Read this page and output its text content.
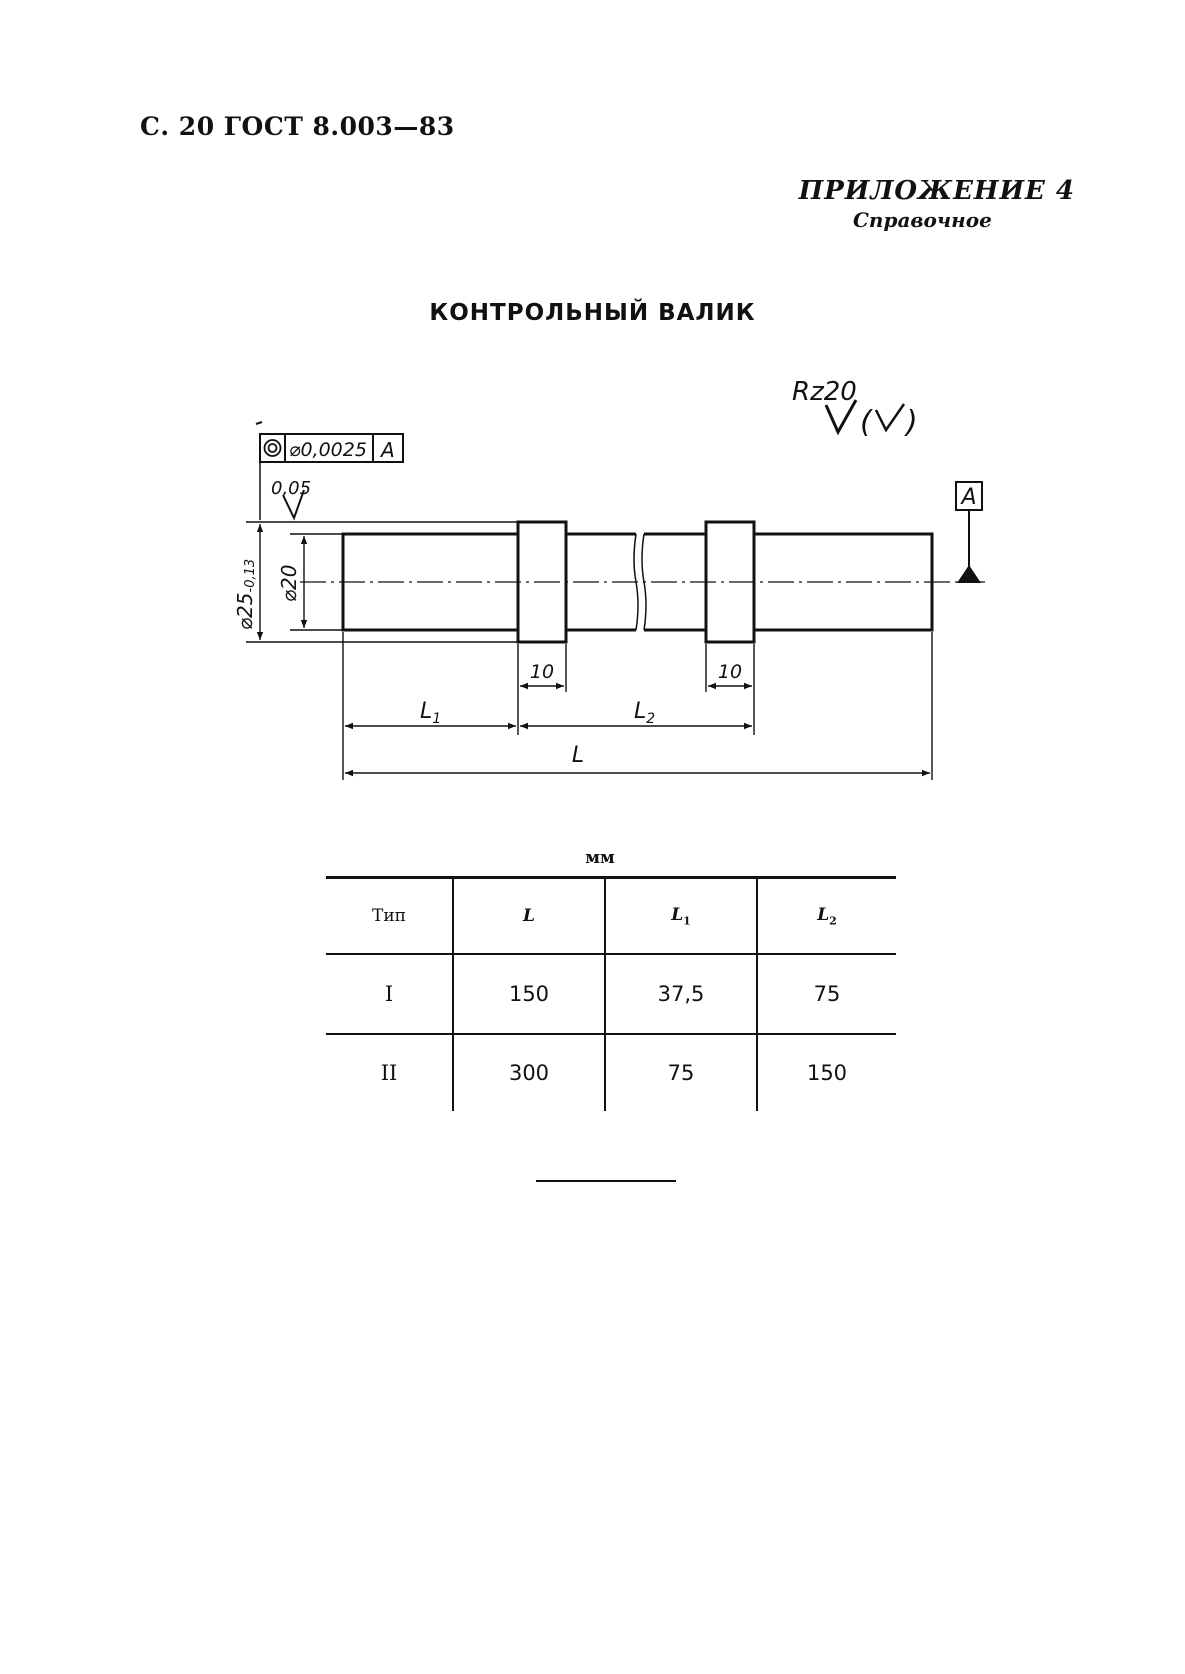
С. 20 ГОСТ 8.003—83
ПРИЛОЖЕНИЕ 4
Справочное
КОНТРОЛЬНЫЙ ВАЛИК
Rz20
( )
⌀0,0025 A
0,05	A
⌀25-0,13 ⌀20
10	10
$L_1$	$L_2$
L
мм
Тип	L	$L_1$	$L_2$
I	150	37,5	75
II	300	75	150
